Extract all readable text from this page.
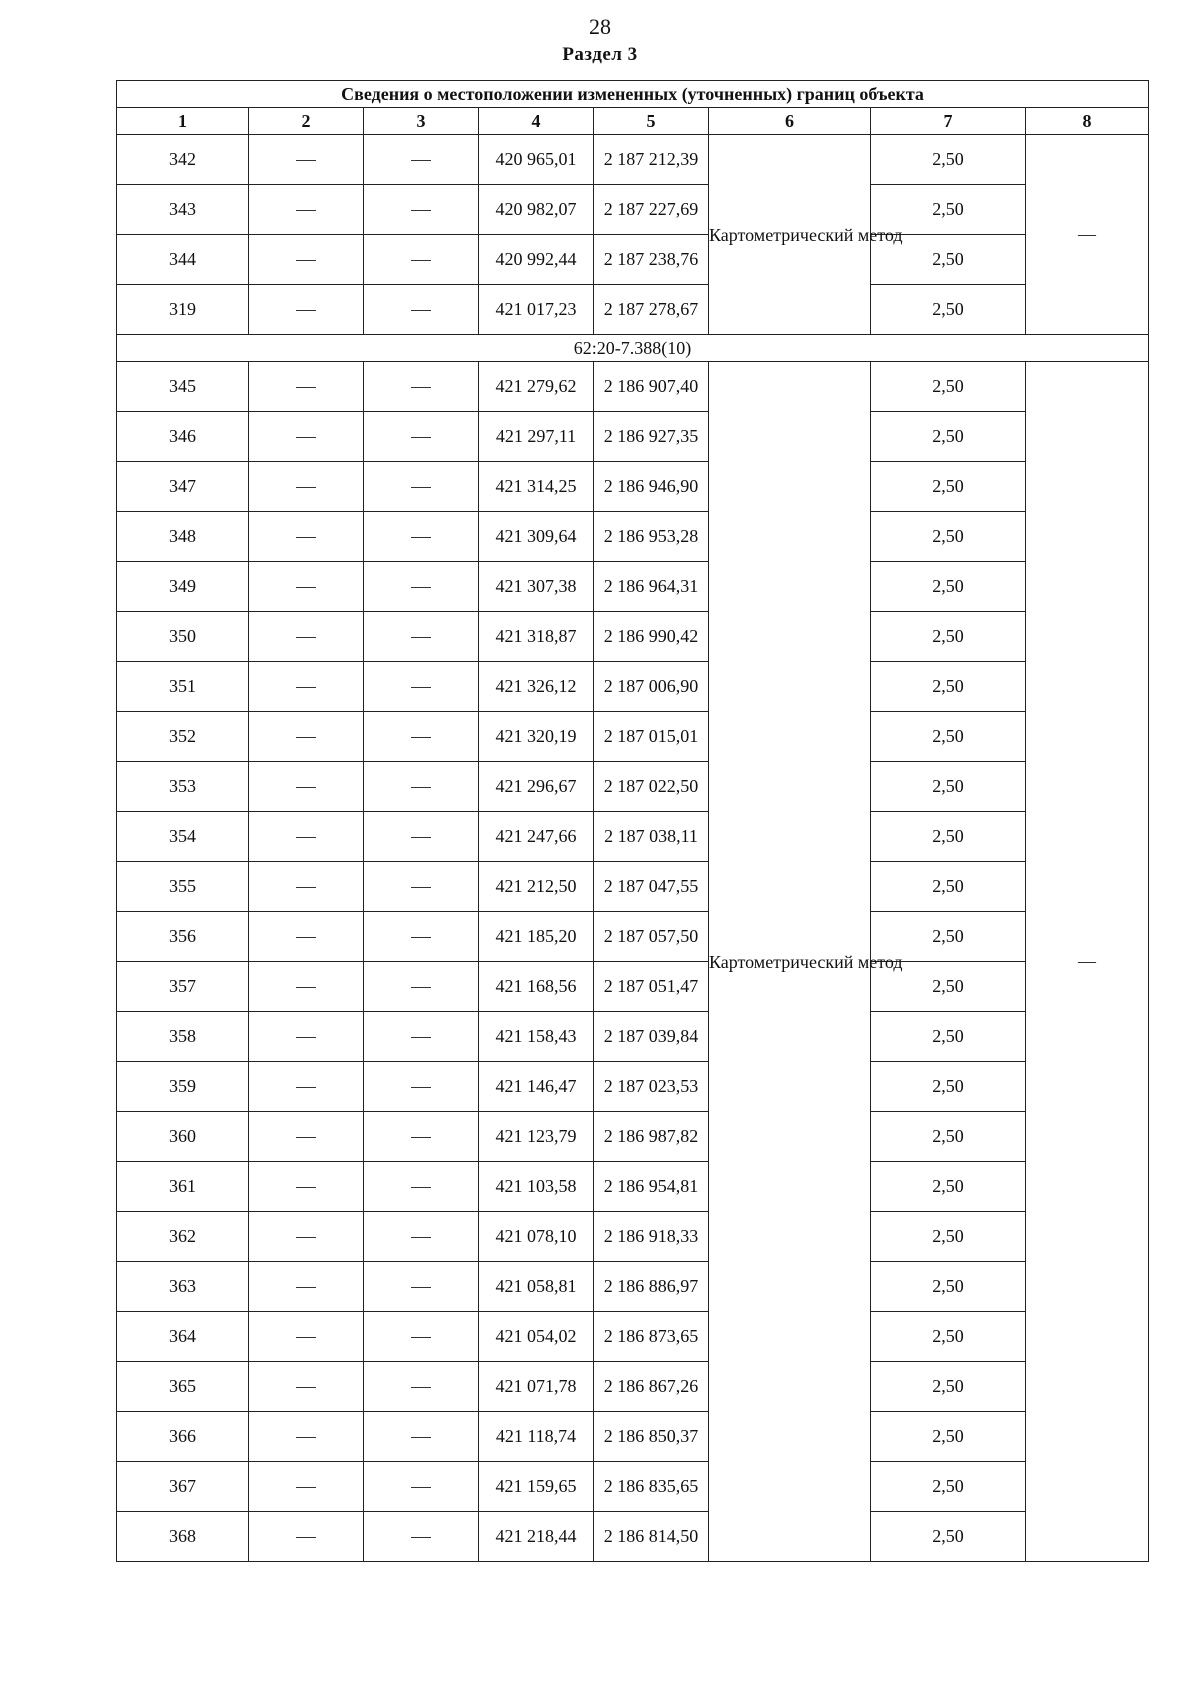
28
Раздел 3
Сведения о местоположении измененных (уточненных) границ объекта							
1	2	3	4	5	6	7	8
342			420 965,01	2 187 212,39	Картометрический метод	2,50	—
343			420 982,07	2 187 227,69		2,50	
344			420 992,44	2 187 238,76		2,50	
319			421 017,23	2 187 278,67		2,50	
62:20-7.388(10)							
345			421 279,62	2 186 907,40	Картометрический метод	2,50	—
346			421 297,11	2 186 927,35		2,50	
347			421 314,25	2 186 946,90		2,50	
348			421 309,64	2 186 953,28		2,50	
349			421 307,38	2 186 964,31		2,50	
350			421 318,87	2 186 990,42		2,50	
351			421 326,12	2 187 006,90		2,50	
352			421 320,19	2 187 015,01		2,50	
353			421 296,67	2 187 022,50		2,50	
354			421 247,66	2 187 038,11		2,50	
355			421 212,50	2 187 047,55		2,50	
356			421 185,20	2 187 057,50		2,50	
357			421 168,56	2 187 051,47		2,50	
358			421 158,43	2 187 039,84		2,50	
359			421 146,47	2 187 023,53		2,50	
360			421 123,79	2 186 987,82		2,50	
361			421 103,58	2 186 954,81		2,50	
362			421 078,10	2 186 918,33		2,50	
363			421 058,81	2 186 886,97		2,50	
364			421 054,02	2 186 873,65		2,50	
365			421 071,78	2 186 867,26		2,50	
366			421 118,74	2 186 850,37		2,50	
367			421 159,65	2 186 835,65		2,50	
368			421 218,44	2 186 814,50		2,50	
